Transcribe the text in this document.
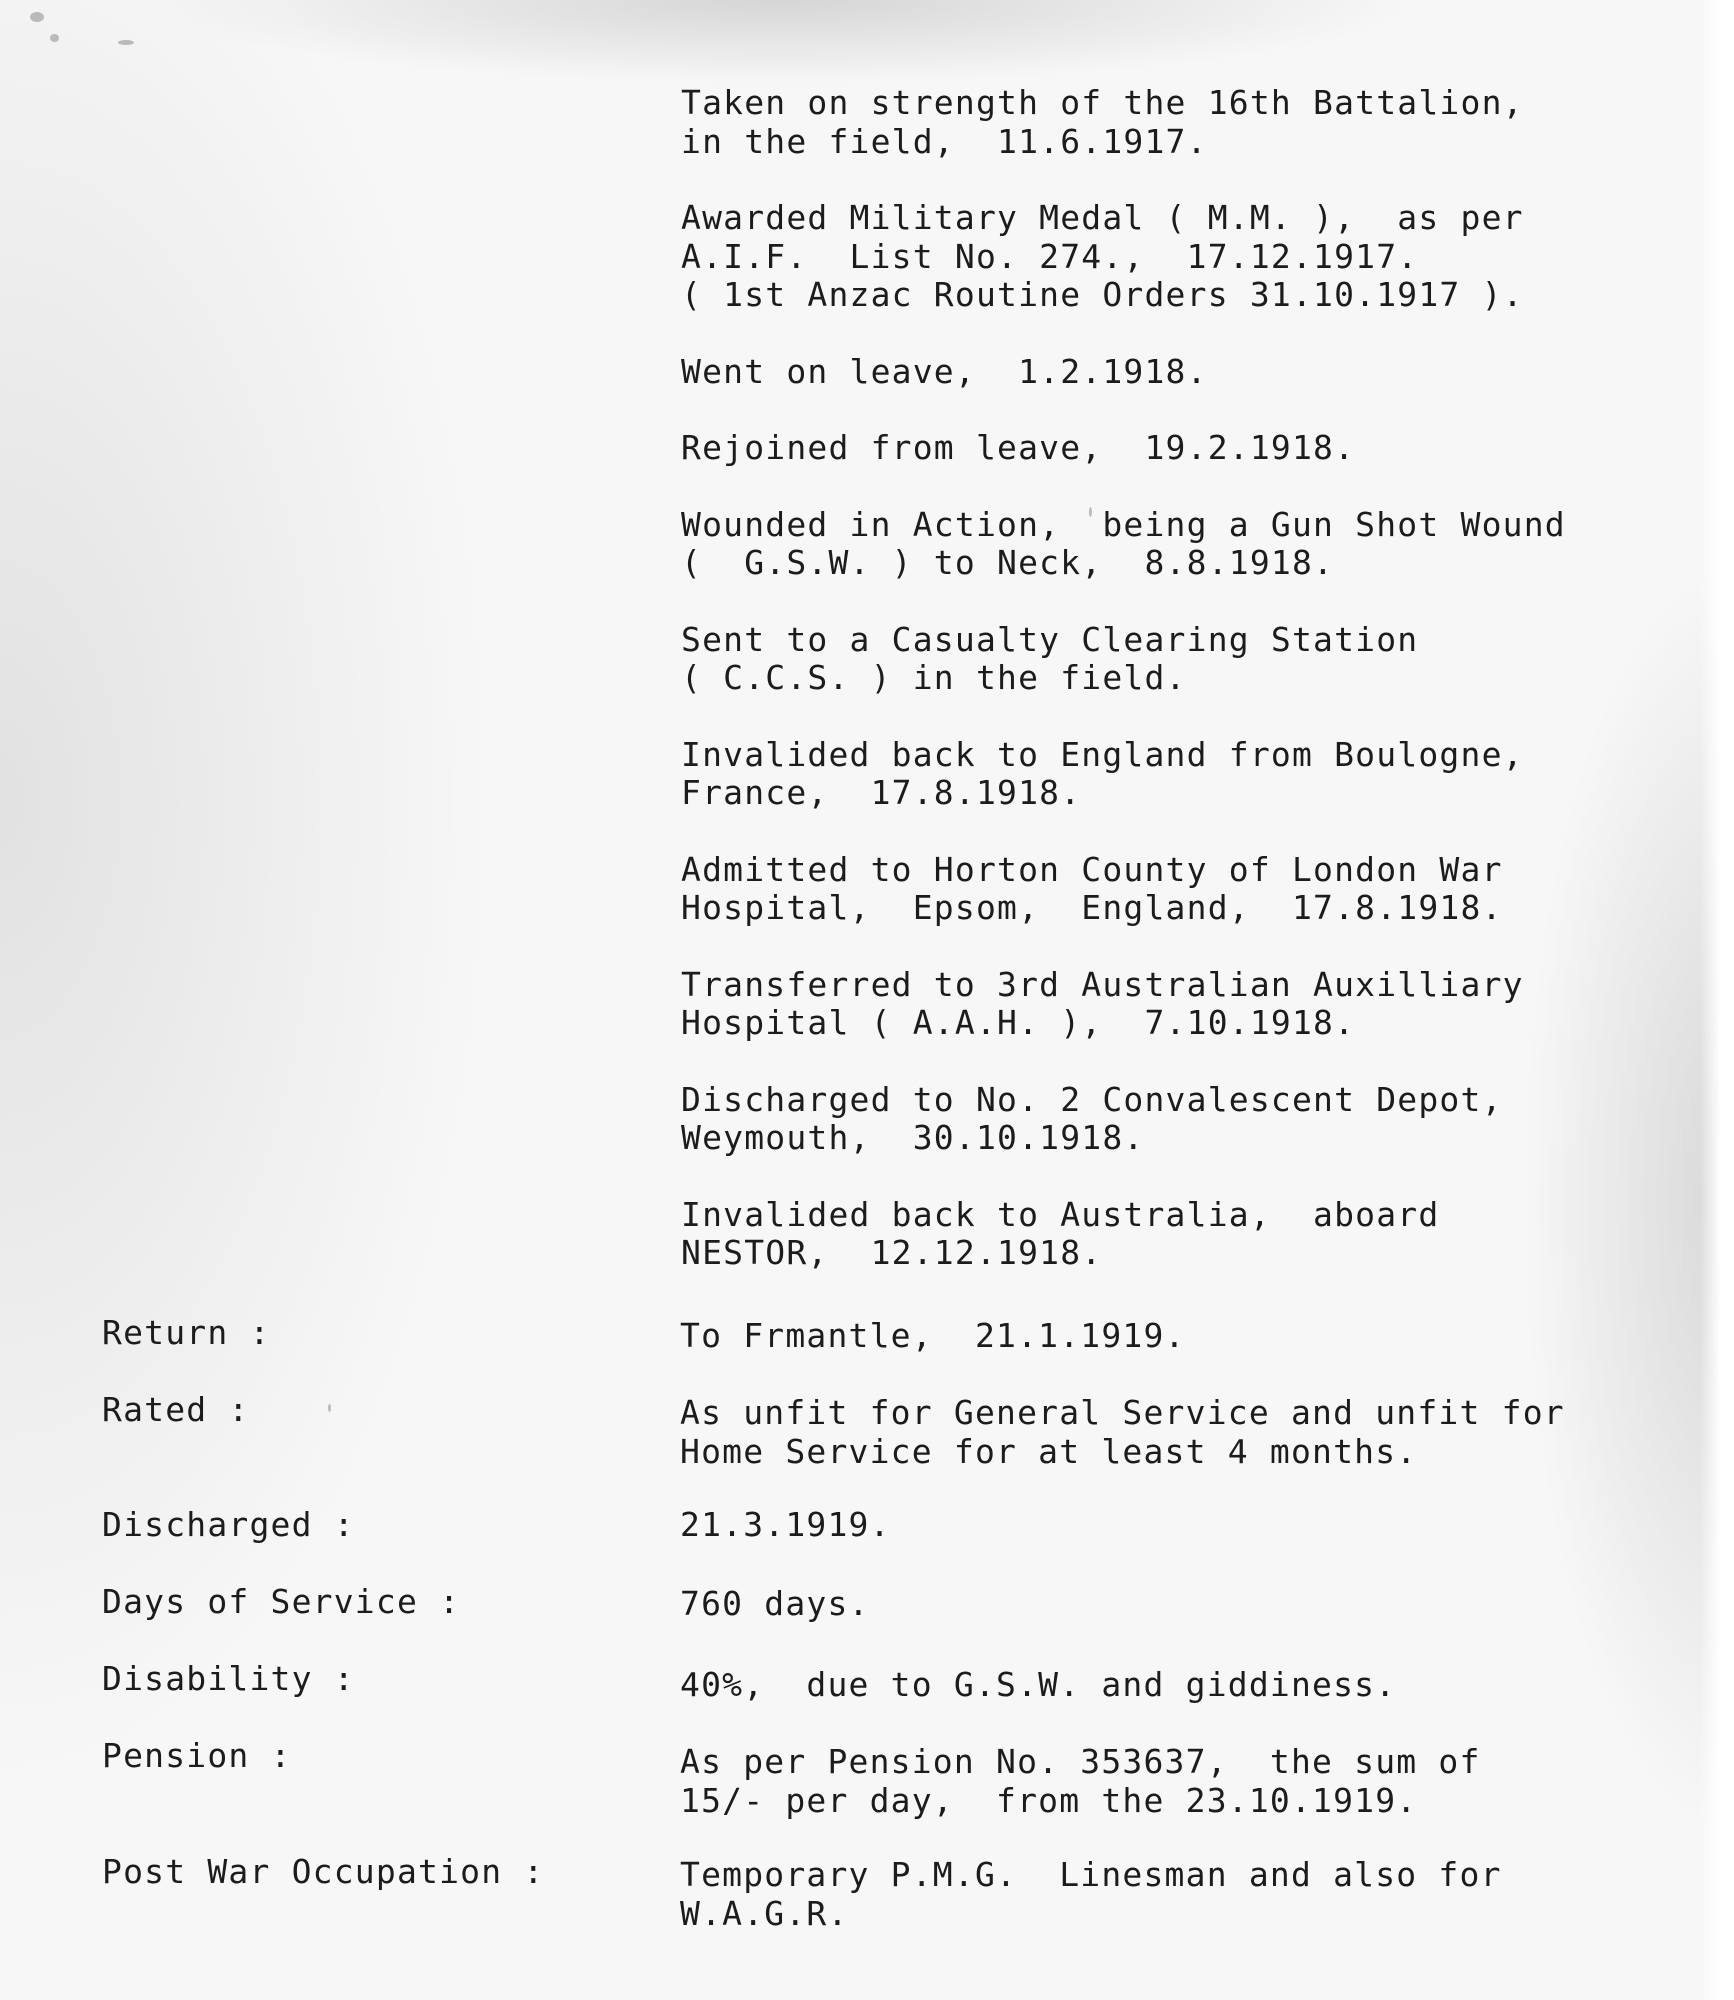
Taken on strength of the 16th Battalion,
in the field,  11.6.1917.
Awarded Military Medal ( M.M. ),  as per
A.I.F.  List No. 274.,  17.12.1917.
( 1st Anzac Routine Orders 31.10.1917 ).
Went on leave,  1.2.1918.
Rejoined from leave,  19.2.1918.
Wounded in Action,  being a Gun Shot Wound
(  G.S.W. ) to Neck,  8.8.1918.
Sent to a Casualty Clearing Station
( C.C.S. ) in the field.
Invalided back to England from Boulogne,
France,  17.8.1918.
Admitted to Horton County of London War
Hospital,  Epsom,  England,  17.8.1918.
Transferred to 3rd Australian Auxilliary
Hospital ( A.A.H. ),  7.10.1918.
Discharged to No. 2 Convalescent Depot,
Weymouth,  30.10.1918.
Invalided back to Australia,  aboard
NESTOR,  12.12.1918.
Return :	To Frmantle,  21.1.1919.
Rated :	As unfit for General Service and unfit for
Home Service for at least 4 months.
Discharged :	21.3.1919.
Days of Service :	760 days.
Disability :	40%,  due to G.S.W. and giddiness.
Pension :	As per Pension No. 353637,  the sum of
15/- per day,  from the 23.10.1919.
Post War Occupation :	Temporary P.M.G.  Linesman and also for
W.A.G.R.
